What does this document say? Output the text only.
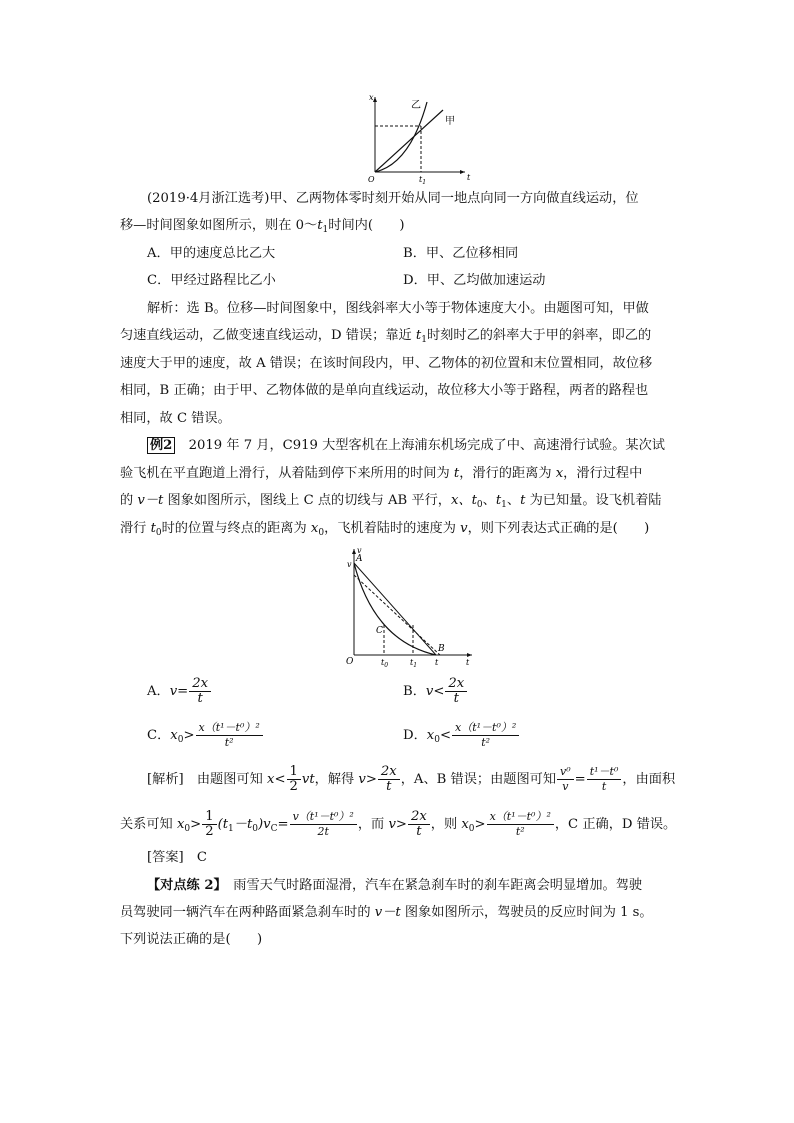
x
t
O	$t_1$
乙
甲
(2019·4月浙江选考)甲、乙两物体零时刻开始从同一地点向同一方向做直线运动，位
移—时间图象如图所示，则在 $0\sim t_1$时间内(　　)
A．甲的速度总比乙大	B．甲、乙位移相同
C．甲经过路程比乙小	D．甲、乙均做加速运动
解析：选 B。位移—时间图象中，图线斜率大小等于物体速度大小。由题图可知，甲做
匀速直线运动，乙做变速直线运动，D 错误；靠近 $t_1$时刻时乙的斜率大于甲的斜率，即乙的
速度大于甲的速度，故 A 错误；在该时间段内，甲、乙物体的初位置和末位置相同，故位移
相同，B 正确；由于甲、乙物体做的是单向直线运动，故位移大小等于路程，两者的路程也
相同，故 C 错误。
例2　 2019 年 7 月，C919 大型客机在上海浦东机场完成了中、高速滑行试验。某次试
验飞机在平直跑道上滑行，从着陆到停下来所用的时间为 t，滑行的距离为 x，滑行过程中
的 v－t 图象如图所示，图线上 C 点的切线与 AB 平行，x、$t_0$、$t_1$、t 为已知量。设飞机着陆
滑行 $t_0$时的位置与终点的距离为 $x_0$，飞机着陆时的速度为 v，则下列表达式正确的是(　　)
v
t
O
v
A
B
C
$t_0$	$t_1$ t
A．$v= \frac{2x}{t}$	B．$v< \frac{2x}{t}$
C．$x_0> \frac{\text{x（t¹－t⁰）²}}{\text{t²}}$	D．$x_0< \frac{\text{x（t¹－t⁰）²}}{\text{t²}}$
[解析]　 由题图可知 $x< \frac{1}{2}$ vt，解得 $v> \frac{2x}{t}$ ，A、B 错误；由题图可知 $\frac{\text{v⁰}}{v} = \frac{\text{t¹－t⁰}}{t}$ ，由面积
关系可知 $x_0> \frac{1}{2} (t_1-t_0)v_C= \frac{\text{v（t¹－t⁰）²}}{2t}$ ，而 $v> \frac{2x}{t}$ ，则 $x_0> \frac{\text{x（t¹－t⁰）²}}{\text{t²}}$ ，C 正确，D 错误。
[答案]　 C
【对点练 2】　 雨雪天气时路面湿滑，汽车在紧急刹车时的刹车距离会明显增加。驾驶
员驾驶同一辆汽车在两种路面紧急刹车时的 v－t 图象如图所示，驾驶员的反应时间为 1 s。
下列说法正确的是(　　)
